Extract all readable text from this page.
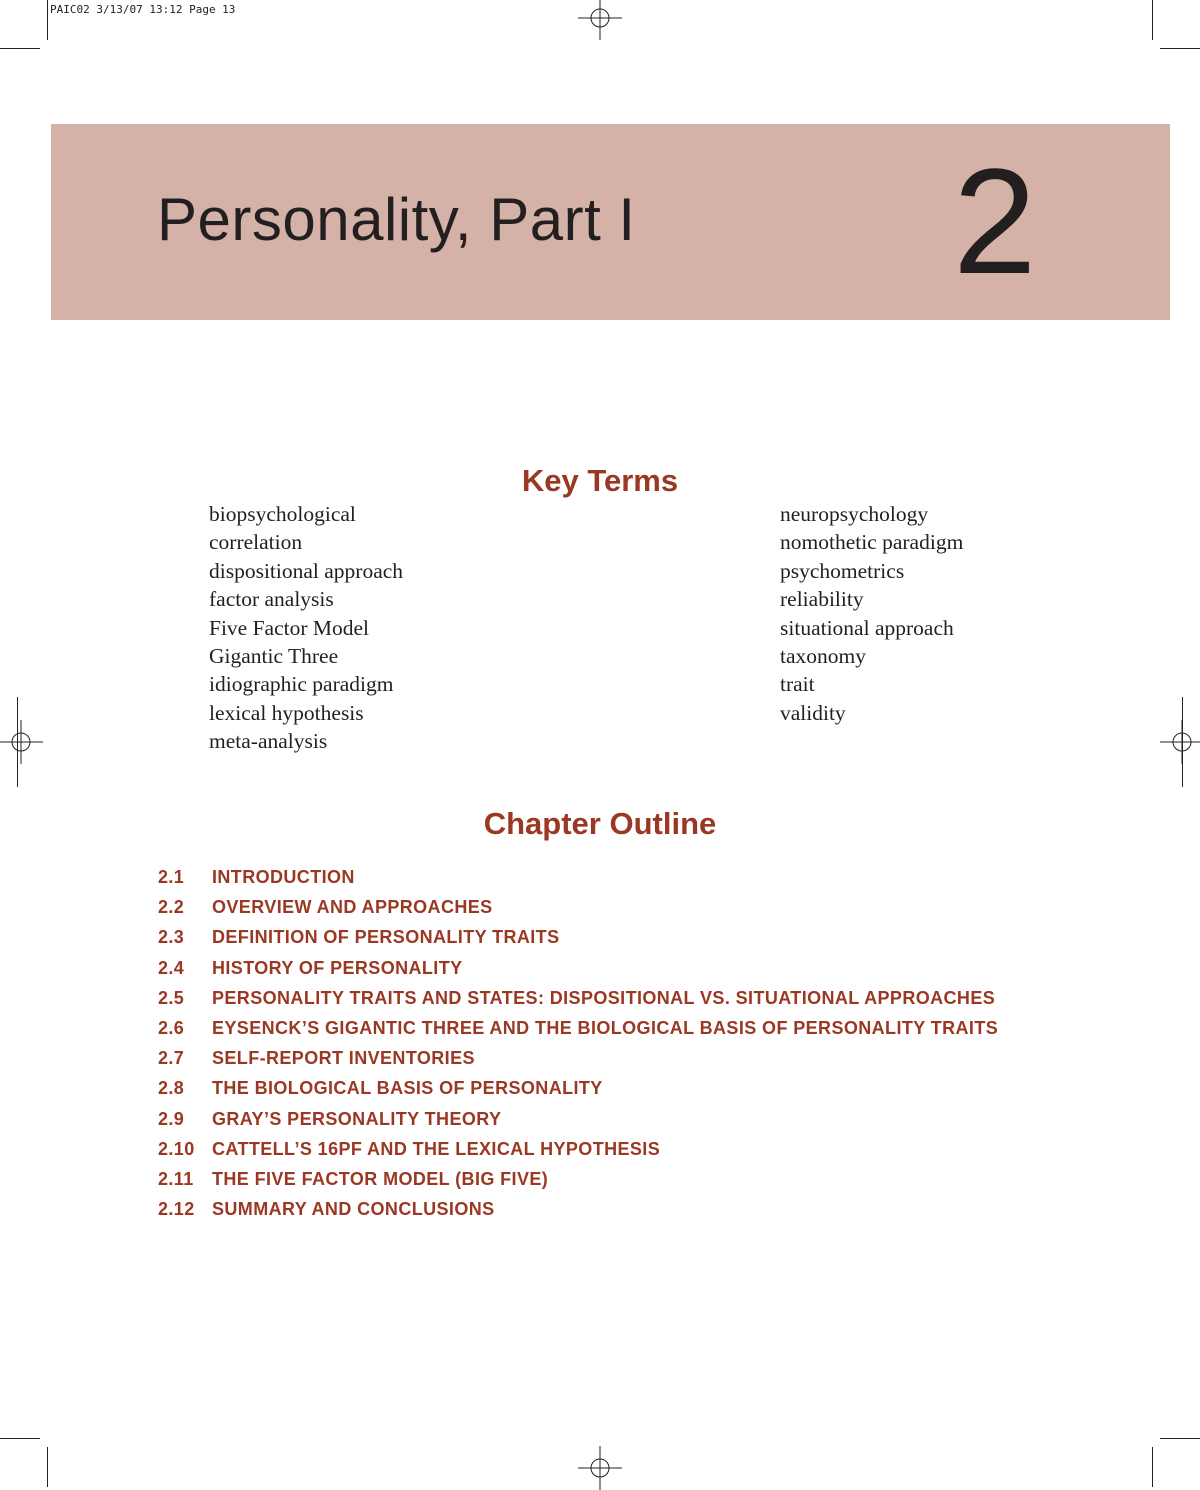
PAIC02 3/13/07 13:12 Page 13
Personality, Part I 2
Key Terms
biopsychological
correlation
dispositional approach
factor analysis
Five Factor Model
Gigantic Three
idiographic paradigm
lexical hypothesis
meta-analysis
neuropsychology
nomothetic paradigm
psychometrics
reliability
situational approach
taxonomy
trait
validity
Chapter Outline
2.1 INTRODUCTION
2.2 OVERVIEW AND APPROACHES
2.3 DEFINITION OF PERSONALITY TRAITS
2.4 HISTORY OF PERSONALITY
2.5 PERSONALITY TRAITS AND STATES: DISPOSITIONAL VS. SITUATIONAL APPROACHES
2.6 EYSENCK’S GIGANTIC THREE AND THE BIOLOGICAL BASIS OF PERSONALITY TRAITS
2.7 SELF-REPORT INVENTORIES
2.8 THE BIOLOGICAL BASIS OF PERSONALITY
2.9 GRAY’S PERSONALITY THEORY
2.10 CATTELL’S 16PF AND THE LEXICAL HYPOTHESIS
2.11 THE FIVE FACTOR MODEL (BIG FIVE)
2.12 SUMMARY AND CONCLUSIONS
